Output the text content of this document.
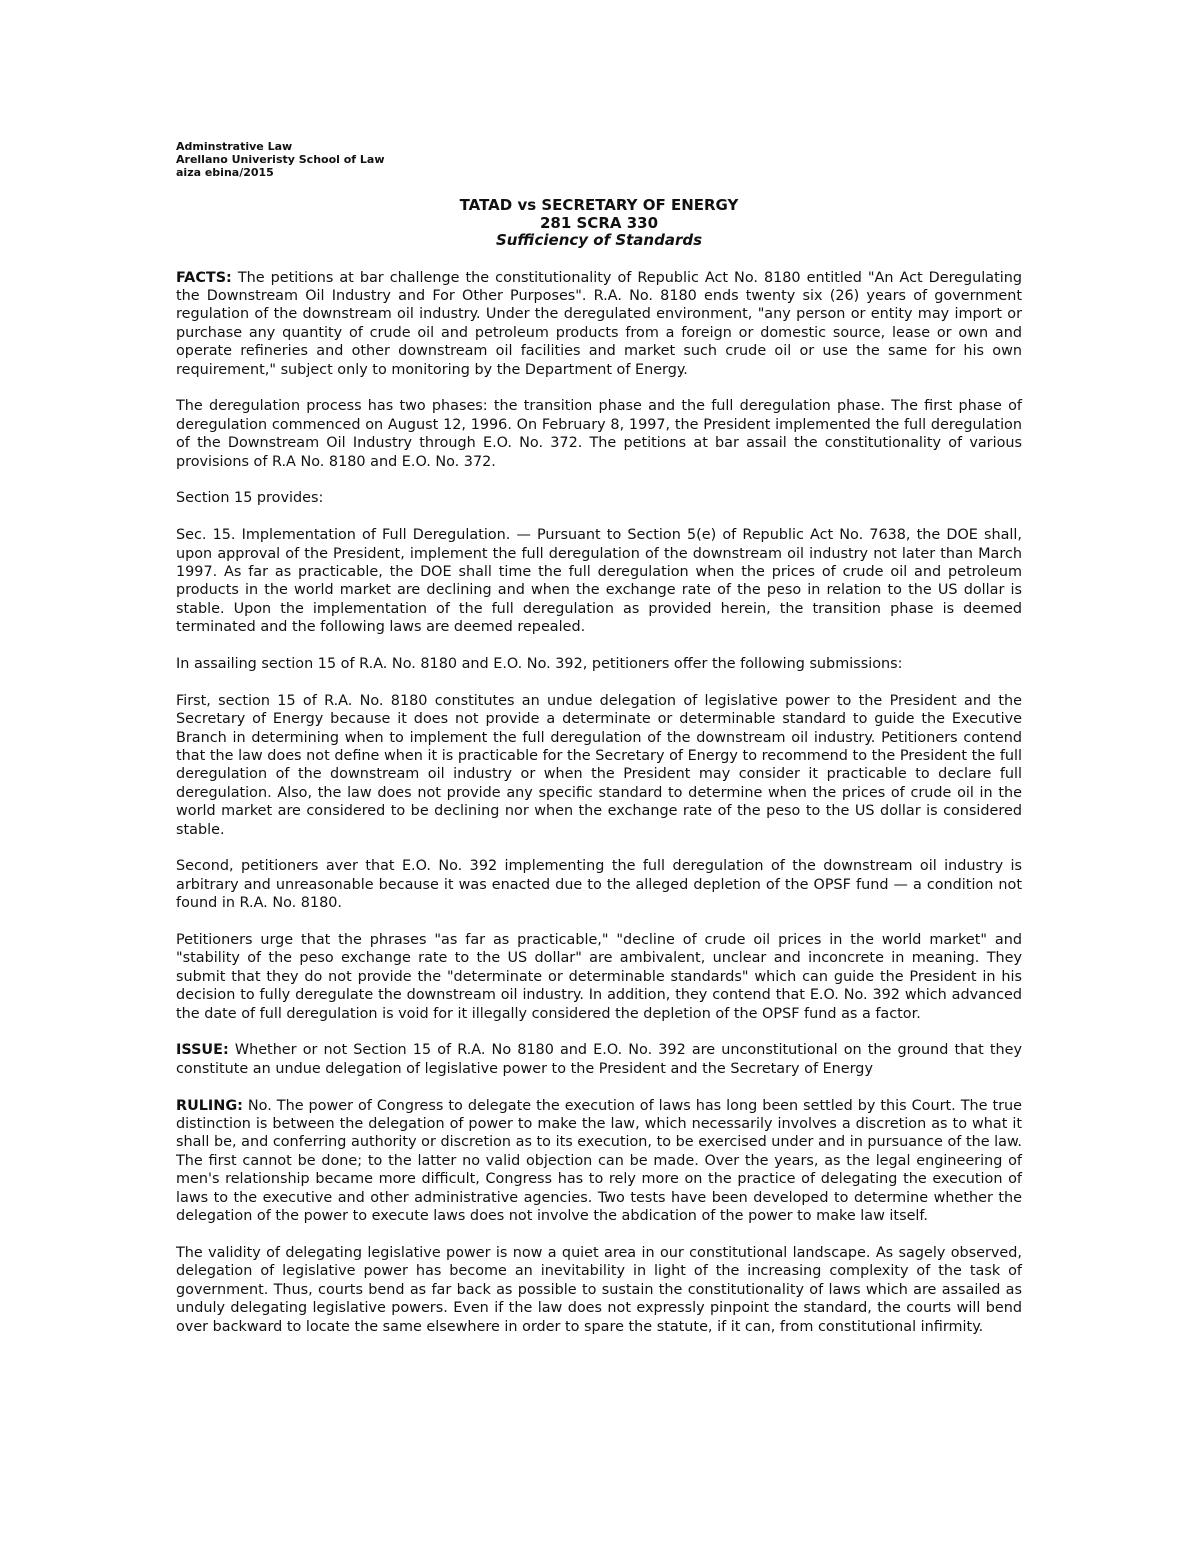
Adminstrative Law
Arellano Univeristy School of Law
aiza ebina/2015
TATAD vs SECRETARY OF ENERGY
281 SCRA 330
Sufficiency of Standards

FACTS: The petitions at bar challenge the constitutionality of Republic Act No. 8180 entitled "An Act Deregulating the Downstream Oil Industry and For Other Purposes". R.A. No. 8180 ends twenty six (26) years of government regulation of the downstream oil industry. Under the deregulated environment, "any person or entity may import or purchase any quantity of crude oil and petroleum products from a foreign or domestic source, lease or own and operate refineries and other downstream oil facilities and market such crude oil or use the same for his own requirement," subject only to monitoring by the Department of Energy.

The deregulation process has two phases: the transition phase and the full deregulation phase. The first phase of deregulation commenced on August 12, 1996. On February 8, 1997, the President implemented the full deregulation of the Downstream Oil Industry through E.O. No. 372. The petitions at bar assail the constitutionality of various provisions of R.A No. 8180 and E.O. No. 372.

Section 15 provides:

Sec. 15. Implementation of Full Deregulation. — Pursuant to Section 5(e) of Republic Act No. 7638, the DOE shall, upon approval of the President, implement the full deregulation of the downstream oil industry not later than March 1997. As far as practicable, the DOE shall time the full deregulation when the prices of crude oil and petroleum products in the world market are declining and when the exchange rate of the peso in relation to the US dollar is stable. Upon the implementation of the full deregulation as provided herein, the transition phase is deemed terminated and the following laws are deemed repealed.

In assailing section 15 of R.A. No. 8180 and E.O. No. 392, petitioners offer the following submissions:

First, section 15 of R.A. No. 8180 constitutes an undue delegation of legislative power to the President and the Secretary of Energy because it does not provide a determinate or determinable standard to guide the Executive Branch in determining when to implement the full deregulation of the downstream oil industry. Petitioners contend that the law does not define when it is practicable for the Secretary of Energy to recommend to the President the full deregulation of the downstream oil industry or when the President may consider it practicable to declare full deregulation. Also, the law does not provide any specific standard to determine when the prices of crude oil in the world market are considered to be declining nor when the exchange rate of the peso to the US dollar is considered stable.

Second, petitioners aver that E.O. No. 392 implementing the full deregulation of the downstream oil industry is arbitrary and unreasonable because it was enacted due to the alleged depletion of the OPSF fund — a condition not found in R.A. No. 8180.

Petitioners urge that the phrases "as far as practicable," "decline of crude oil prices in the world market" and "stability of the peso exchange rate to the US dollar" are ambivalent, unclear and inconcrete in meaning. They submit that they do not provide the "determinate or determinable standards" which can guide the President in his decision to fully deregulate the downstream oil industry. In addition, they contend that E.O. No. 392 which advanced the date of full deregulation is void for it illegally considered the depletion of the OPSF fund as a factor.

ISSUE: Whether or not Section 15 of R.A. No 8180 and E.O. No. 392 are unconstitutional on the ground that they constitute an undue delegation of legislative power to the President and the Secretary of Energy

RULING: No. The power of Congress to delegate the execution of laws has long been settled by this Court. The true distinction is between the delegation of power to make the law, which necessarily involves a discretion as to what it shall be, and conferring authority or discretion as to its execution, to be exercised under and in pursuance of the law. The first cannot be done; to the latter no valid objection can be made. Over the years, as the legal engineering of men's relationship became more difficult, Congress has to rely more on the practice of delegating the execution of laws to the executive and other administrative agencies. Two tests have been developed to determine whether the delegation of the power to execute laws does not involve the abdication of the power to make law itself.

The validity of delegating legislative power is now a quiet area in our constitutional landscape. As sagely observed, delegation of legislative power has become an inevitability in light of the increasing complexity of the task of government. Thus, courts bend as far back as possible to sustain the constitutionality of laws which are assailed as unduly delegating legislative powers. Even if the law does not expressly pinpoint the standard, the courts will bend over backward to locate the same elsewhere in order to spare the statute, if it can, from constitutional infirmity.
